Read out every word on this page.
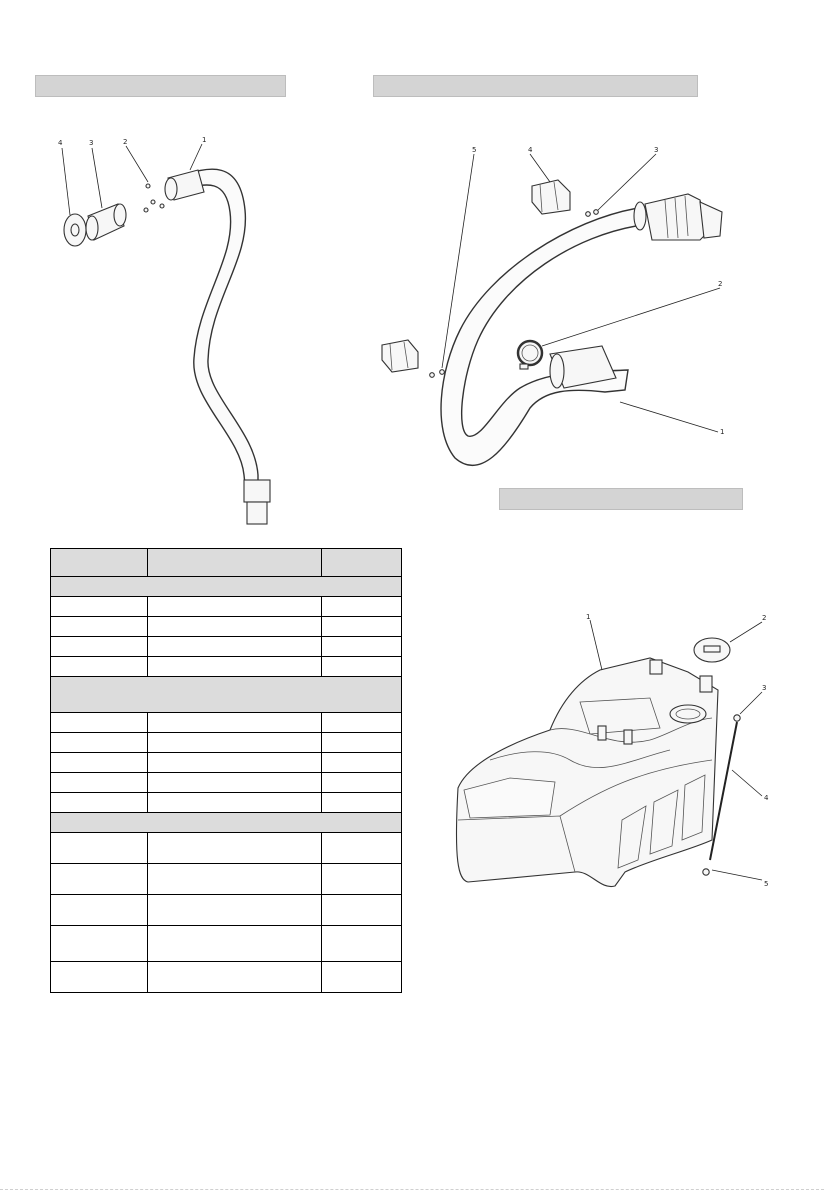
4	3	2	1
5	4	3
2
1
1	2
3
4
5
